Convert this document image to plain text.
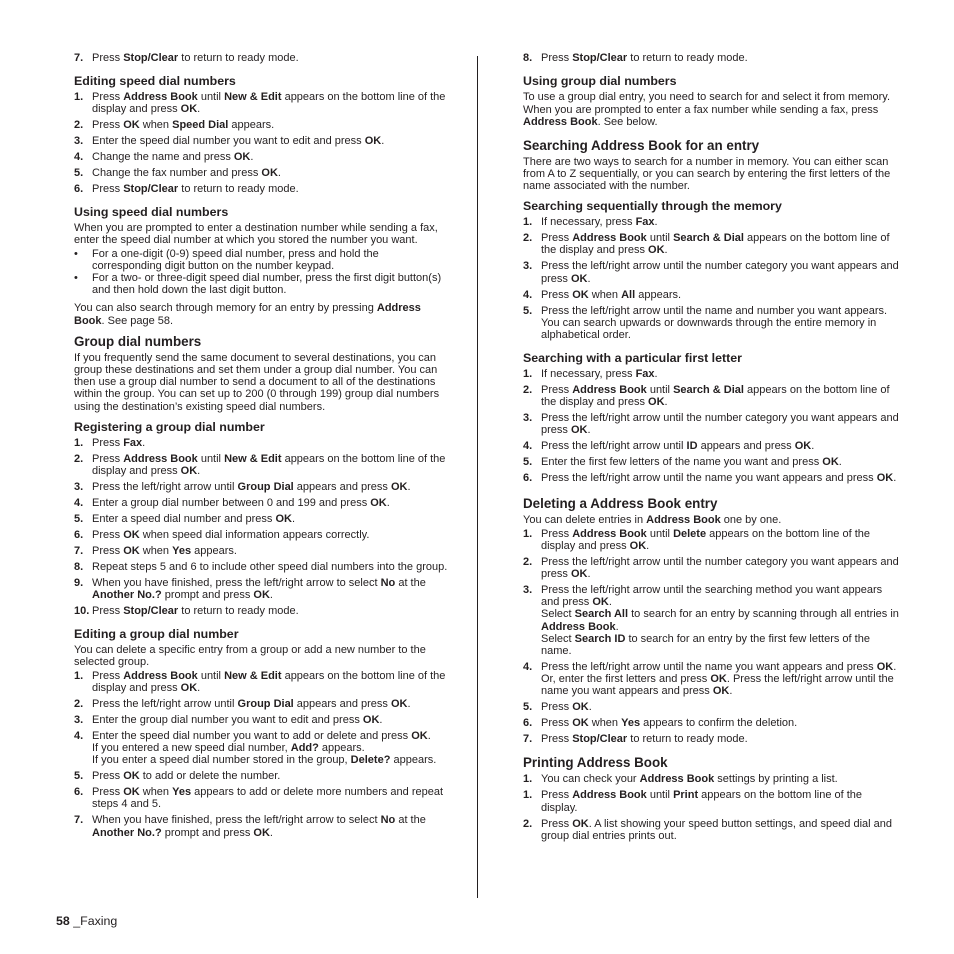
7. Press Stop/Clear to return to ready mode.
Editing speed dial numbers
1. Press Address Book until New & Edit appears on the bottom line of the display and press OK.
2. Press OK when Speed Dial appears.
3. Enter the speed dial number you want to edit and press OK.
4. Change the name and press OK.
5. Change the fax number and press OK.
6. Press Stop/Clear to return to ready mode.
Using speed dial numbers
When you are prompted to enter a destination number while sending a fax, enter the speed dial number at which you stored the number you want.
• For a one-digit (0-9) speed dial number, press and hold the corresponding digit button on the number keypad.
• For a two- or three-digit speed dial number, press the first digit button(s) and then hold down the last digit button.
You can also search through memory for an entry by pressing Address Book. See page 58.
Group dial numbers
If you frequently send the same document to several destinations, you can group these destinations and set them under a group dial number. You can then use a group dial number to send a document to all of the destinations within the group. You can set up to 200 (0 through 199) group dial numbers using the destination’s existing speed dial numbers.
Registering a group dial number
1. Press Fax.
2. Press Address Book until New & Edit appears on the bottom line of the display and press OK.
3. Press the left/right arrow until Group Dial appears and press OK.
4. Enter a group dial number between 0 and 199 and press OK.
5. Enter a speed dial number and press OK.
6. Press OK when speed dial information appears correctly.
7. Press OK when Yes appears.
8. Repeat steps 5 and 6 to include other speed dial numbers into the group.
9. When you have finished, press the left/right arrow to select No at the Another No.? prompt and press OK.
10. Press Stop/Clear to return to ready mode.
Editing a group dial number
You can delete a specific entry from a group or add a new number to the selected group.
1. Press Address Book until New & Edit appears on the bottom line of the display and press OK.
2. Press the left/right arrow until Group Dial appears and press OK.
3. Enter the group dial number you want to edit and press OK.
4. Enter the speed dial number you want to add or delete and press OK.
If you entered a new speed dial number, Add? appears.
If you enter a speed dial number stored in the group, Delete? appears.
5. Press OK to add or delete the number.
6. Press OK when Yes appears to add or delete more numbers and repeat steps 4 and 5.
7. When you have finished, press the left/right arrow to select No at the Another No.? prompt and press OK.
8. Press Stop/Clear to return to ready mode.
Using group dial numbers
To use a group dial entry, you need to search for and select it from memory.
When you are prompted to enter a fax number while sending a fax, press Address Book. See below.
Searching Address Book for an entry
There are two ways to search for a number in memory. You can either scan from A to Z sequentially, or you can search by entering the first letters of the name associated with the number.
Searching sequentially through the memory
1. If necessary, press Fax.
2. Press Address Book until Search & Dial appears on the bottom line of the display and press OK.
3. Press the left/right arrow until the number category you want appears and press OK.
4. Press OK when All appears.
5. Press the left/right arrow until the name and number you want appears. You can search upwards or downwards through the entire memory in alphabetical order.
Searching with a particular first letter
1. If necessary, press Fax.
2. Press Address Book until Search & Dial appears on the bottom line of the display and press OK.
3. Press the left/right arrow until the number category you want appears and press OK.
4. Press the left/right arrow until ID appears and press OK.
5. Enter the first few letters of the name you want and press OK.
6. Press the left/right arrow until the name you want appears and press OK.
Deleting a Address Book entry
You can delete entries in Address Book one by one.
1. Press Address Book until Delete appears on the bottom line of the display and press OK.
2. Press the left/right arrow until the number category you want appears and press OK.
3. Press the left/right arrow until the searching method you want appears and press OK.
Select Search All to search for an entry by scanning through all entries in Address Book.
Select Search ID to search for an entry by the first few letters of the name.
4. Press the left/right arrow until the name you want appears and press OK.
Or, enter the first letters and press OK. Press the left/right arrow until the name you want appears and press OK.
5. Press OK.
6. Press OK when Yes appears to confirm the deletion.
7. Press Stop/Clear to return to ready mode.
Printing Address Book
1. You can check your Address Book settings by printing a list.
1. Press Address Book until Print appears on the bottom line of the display.
2. Press OK. A list showing your speed button settings, and speed dial and group dial entries prints out.
58 _Faxing
